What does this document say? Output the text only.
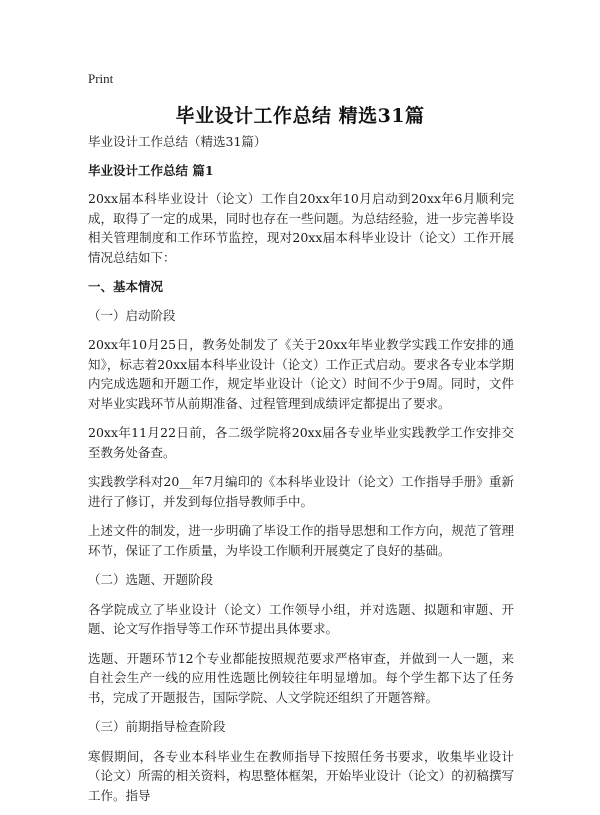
Print
毕业设计工作总结 精选31篇

毕业设计工作总结（精选31篇）

毕业设计工作总结 篇1

20xx届本科毕业设计（论文）工作自20xx年10月启动到20xx年6月顺利完成，取得了一定的成果，同时也存在一些问题。为总结经验，进一步完善毕设相关管理制度和工作环节监控，现对20xx届本科毕业设计（论文）工作开展情况总结如下：

一、基本情况

（一）启动阶段

20xx年10月25日，教务处制发了《关于20xx年毕业教学实践工作安排的通知》，标志着20xx届本科毕业设计（论文）工作正式启动。要求各专业本学期内完成选题和开题工作，规定毕业设计（论文）时间不少于9周。同时，文件对毕业实践环节从前期准备、过程管理到成绩评定都提出了要求。

20xx年11月22日前，各二级学院将20xx届各专业毕业实践教学工作安排交至教务处备查。

实践教学科对20__年7月编印的《本科毕业设计（论文）工作指导手册》重新进行了修订，并发到每位指导教师手中。

上述文件的制发，进一步明确了毕设工作的指导思想和工作方向，规范了管理环节，保证了工作质量，为毕设工作顺利开展奠定了良好的基础。

（二）选题、开题阶段

各学院成立了毕业设计（论文）工作领导小组，并对选题、拟题和审题、开题、论文写作指导等工作环节提出具体要求。

选题、开题环节12个专业都能按照规范要求严格审查，并做到一人一题，来自社会生产一线的应用性选题比例较往年明显增加。每个学生都下达了任务书，完成了开题报告，国际学院、人文学院还组织了开题答辩。

（三）前期指导检查阶段

寒假期间，各专业本科毕业生在教师指导下按照任务书要求，收集毕业设计（论文）所需的相关资料，构思整体框架，开始毕业设计（论文）的初稿撰写工作。指导
